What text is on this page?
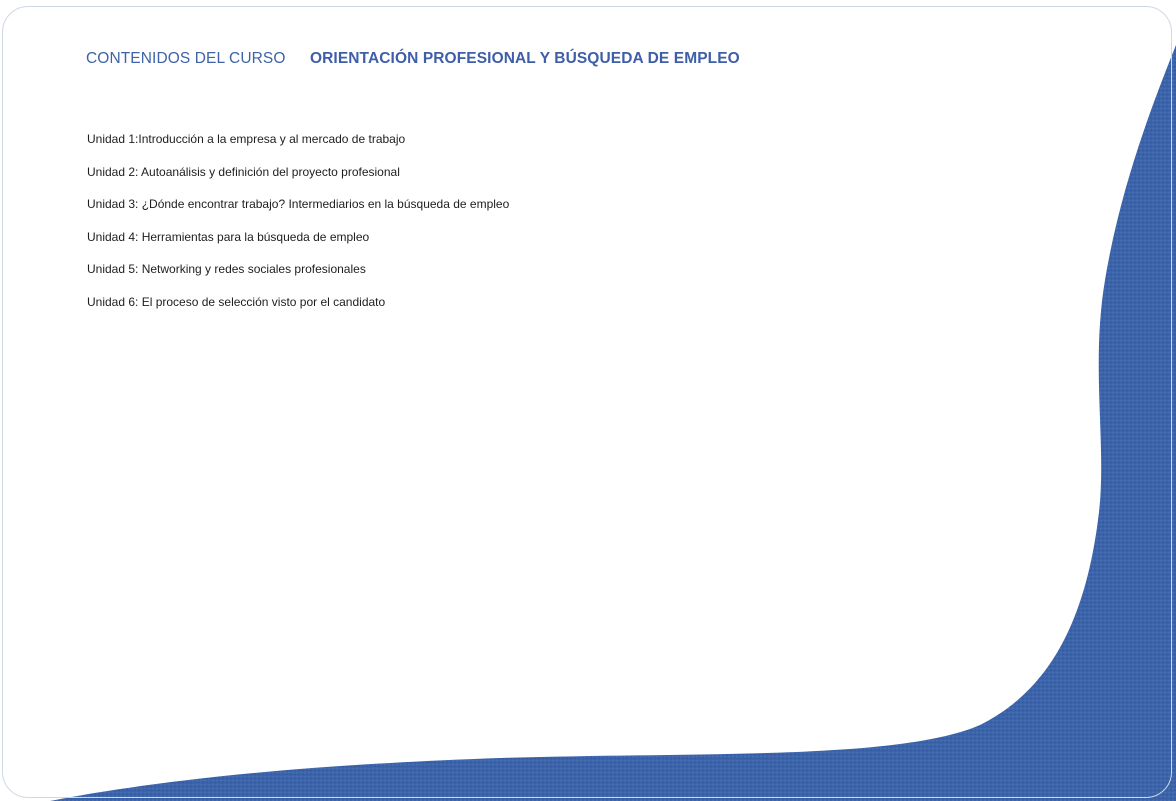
CONTENIDOS DEL CURSO ORIENTACIÓN PROFESIONAL Y BÚSQUEDA DE EMPLEO
Unidad 1:Introducción a la empresa y al mercado de trabajo
Unidad 2: Autoanálisis y definición del proyecto profesional
Unidad 3: ¿Dónde encontrar trabajo? Intermediarios en la búsqueda de empleo
Unidad 4: Herramientas para la búsqueda de empleo
Unidad 5: Networking y redes sociales profesionales
Unidad 6: El proceso de selección visto por el candidato
